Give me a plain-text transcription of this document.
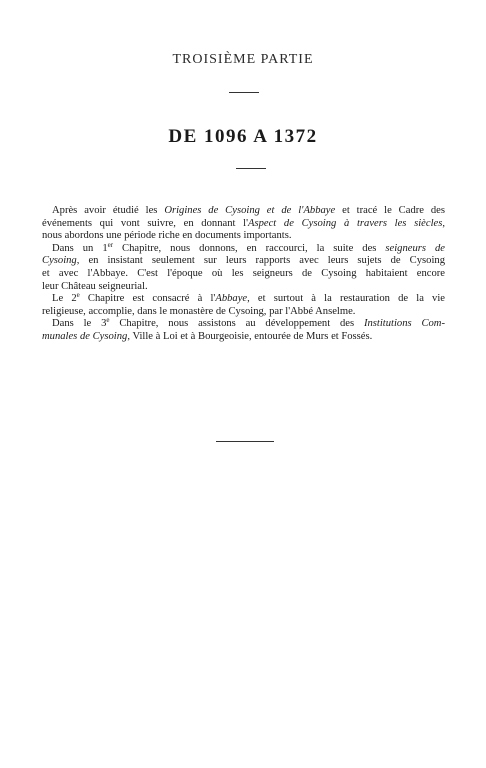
TROISIÈME PARTIE
DE 1096 A 1372
Après avoir étudié les Origines de Cysoing et de l'Abbaye et tracé le Cadre des
événements qui vont suivre, en donnant l'Aspect de Cysoing à travers les siècles,
nous abordons une période riche en documents importants.
Dans un 1er Chapitre, nous donnons, en raccourci, la suite des seigneurs de
Cysoing, en insistant seulement sur leurs rapports avec leurs sujets de Cysoing
et avec l'Abbaye. C'est l'époque où les seigneurs de Cysoing habitaient encore
leur Château seigneurial.
Le 2e Chapitre est consacré à l'Abbaye, et surtout à la restauration de la vie
religieuse, accomplie, dans le monastère de Cysoing, par l'Abbé Anselme.
Dans le 3e Chapitre, nous assistons au développement des Institutions Com-
munales de Cysoing, Ville à Loi et à Bourgeoisie, entourée de Murs et Fossés.
